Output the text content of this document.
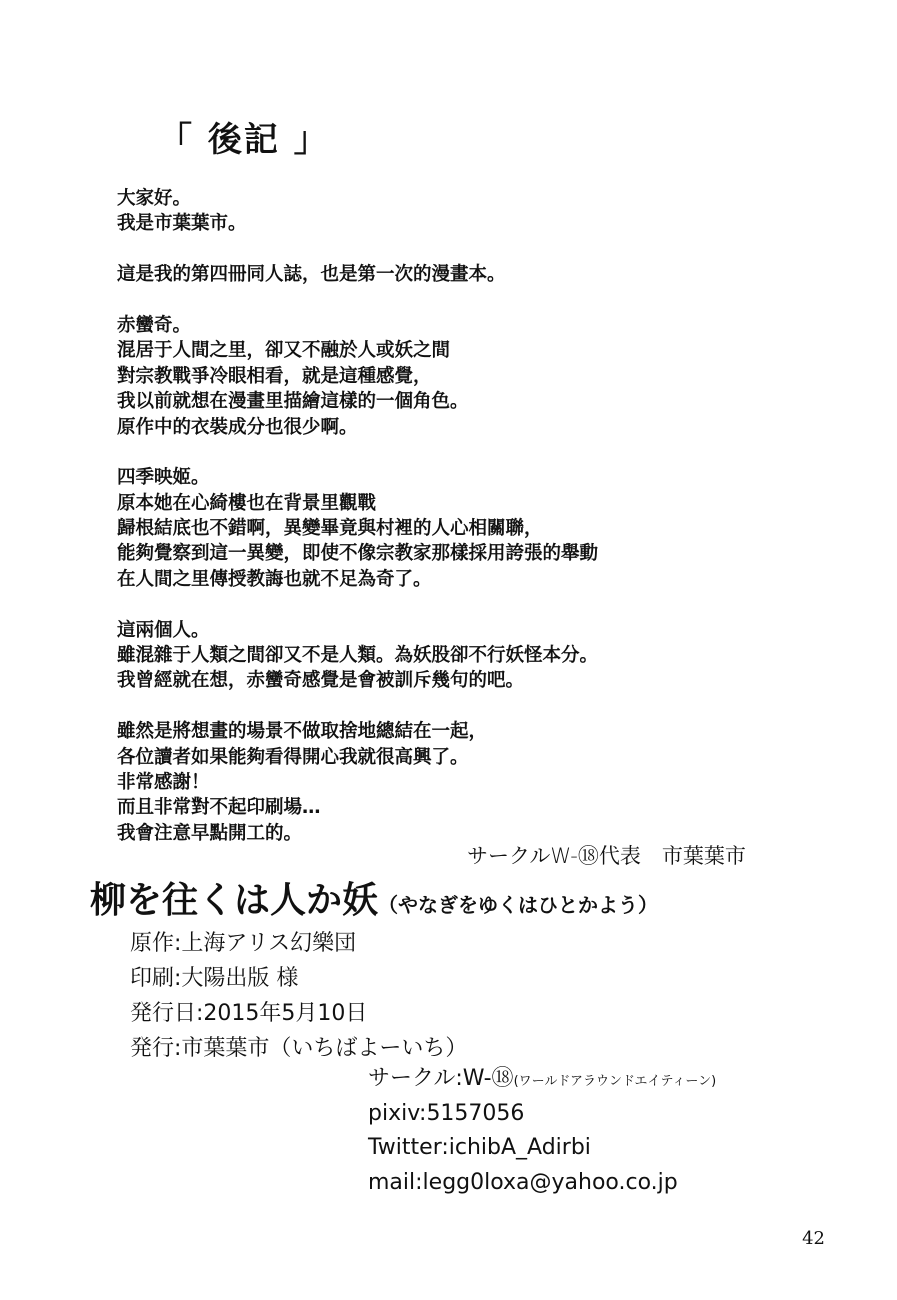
「 後記 」
大家好。
我是市葉葉市。
這是我的第四冊同人誌，也是第一次的漫畫本。
赤蠻奇。
混居于人間之里，卻又不融於人或妖之間
對宗教戰爭冷眼相看，就是這種感覺，
我以前就想在漫畫里描繪這樣的一個角色。
原作中的衣裝成分也很少啊。
四季映姬。
原本她在心綺樓也在背景里觀戰
歸根結底也不錯啊，異變畢竟與村裡的人心相關聯，
能夠覺察到這一異變，即使不像宗教家那樣採用誇張的舉動
在人間之里傳授教誨也就不足為奇了。
這兩個人。
雖混雜于人類之間卻又不是人類。為妖股卻不行妖怪本分。
我曾經就在想，赤蠻奇感覺是會被訓斥幾句的吧。
雖然是將想畫的場景不做取捨地總結在一起，
各位讀者如果能夠看得開心我就很高興了。
非常感謝！
而且非常對不起印刷場…
我會注意早點開工的。
サークルW-⑱代表　市葉葉市
柳を往くは人か妖（やなぎをゆくはひとかよう）
原作:上海アリス幻樂団
印刷:大陽出版 様
発行日:2015年5月10日
発行:市葉葉市（いちばよーいち）
サークル:W-⑱(ワールドアラウンドエイティーン)
pixiv:5157056
Twitter:ichibA_Adirbi
mail:legg0loxa@yahoo.co.jp
42
